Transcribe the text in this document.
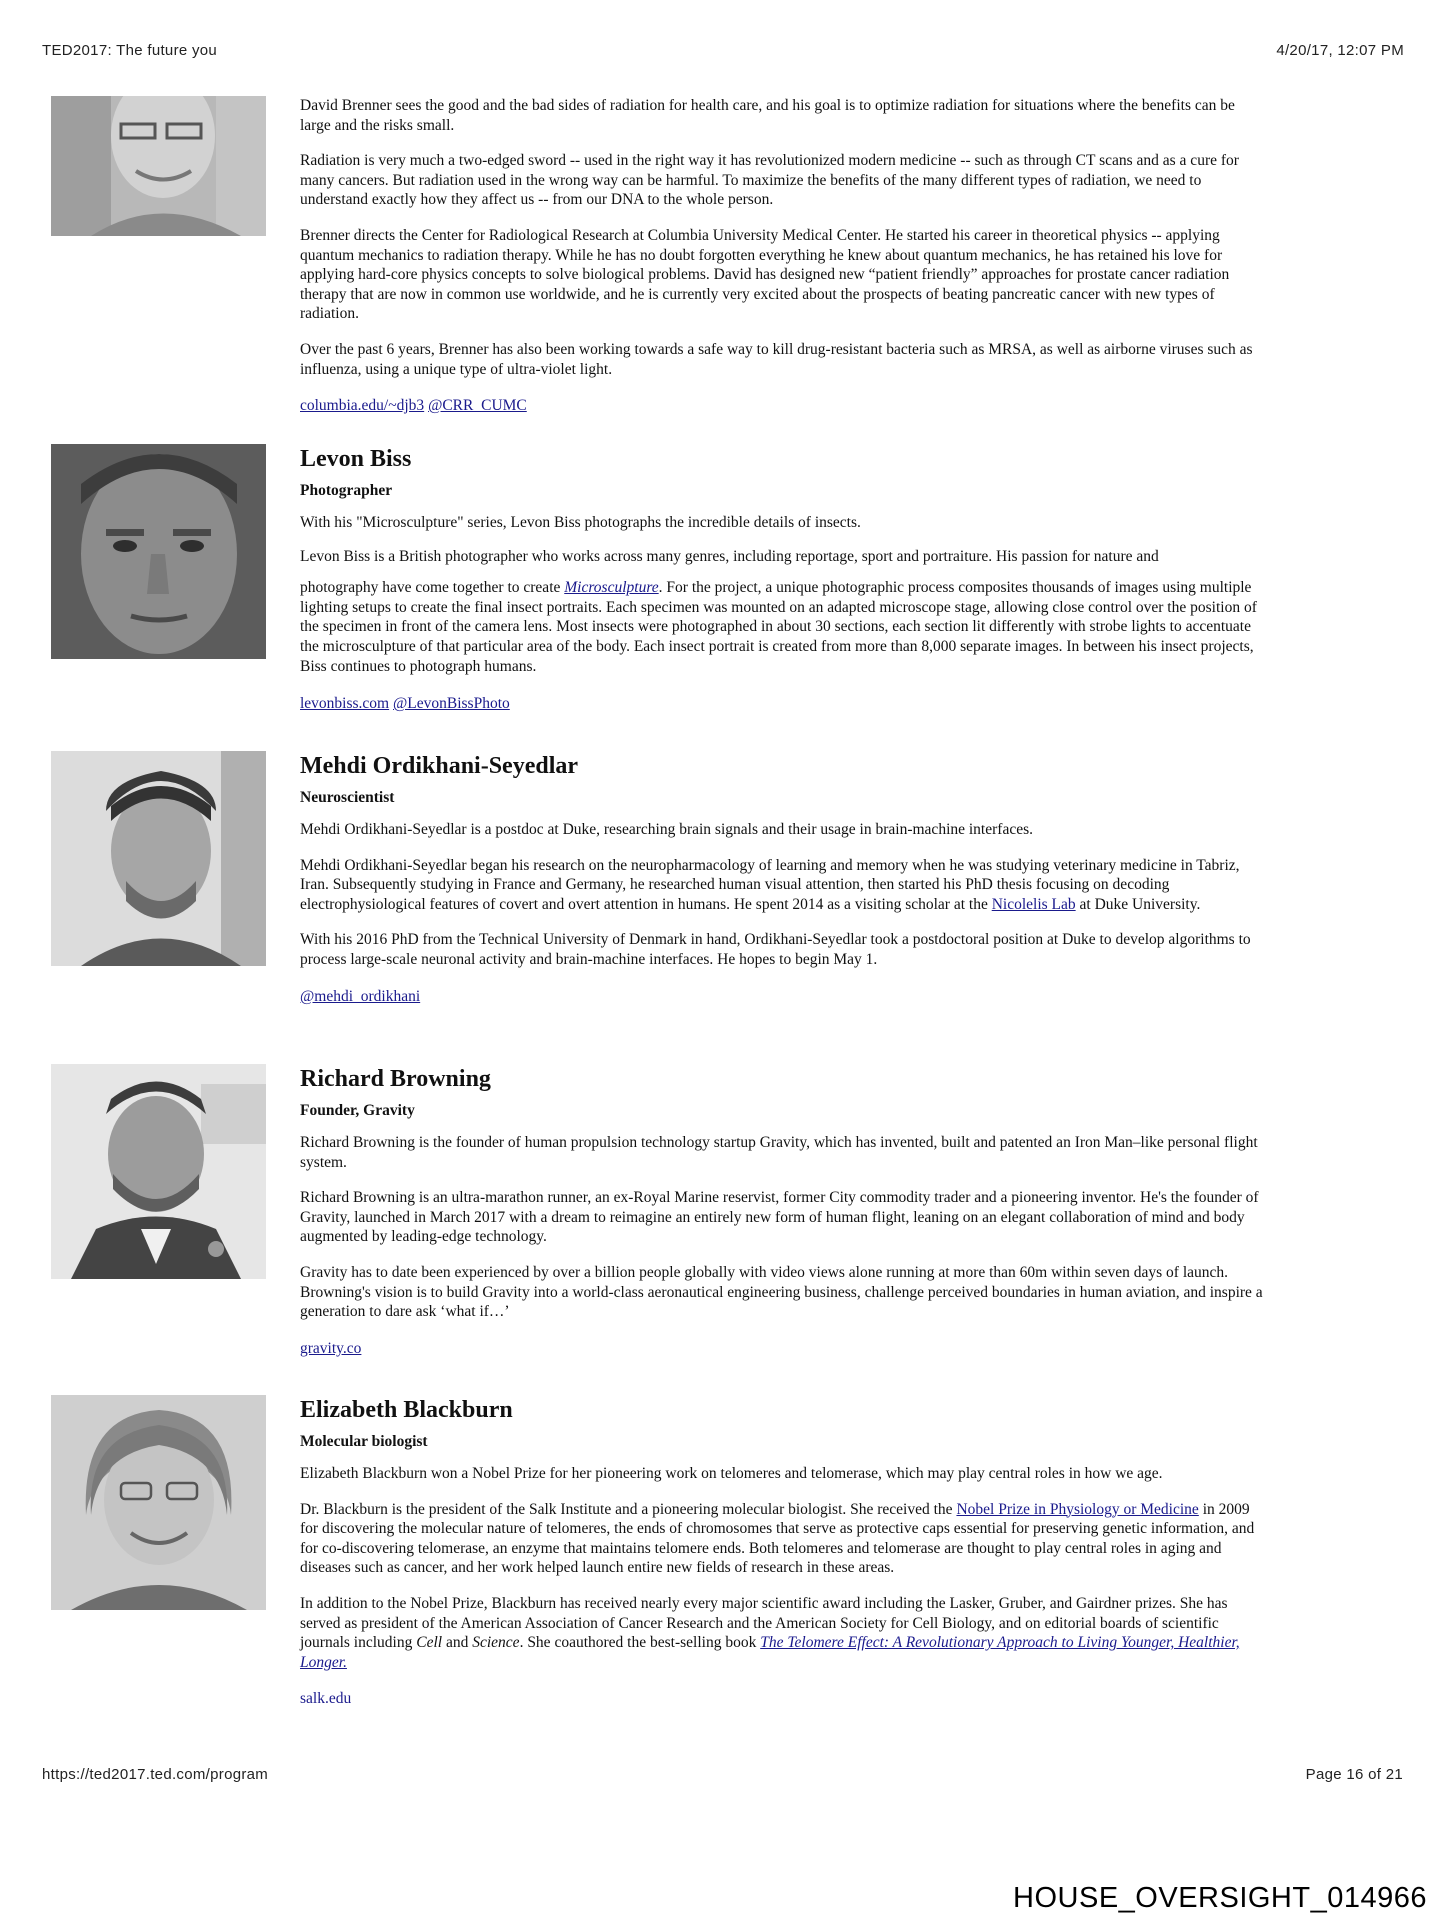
TED2017: The future you	4/20/17, 12:07 PM

David Brenner sees the good and the bad sides of radiation for health care, and his goal is to optimize radiation for situations where the benefits can be large and the risks small.

Radiation is very much a two-edged sword -- used in the right way it has revolutionized modern medicine -- such as through CT scans and as a cure for many cancers. But radiation used in the wrong way can be harmful. To maximize the benefits of the many different types of radiation, we need to understand exactly how they affect us -- from our DNA to the whole person.

Brenner directs the Center for Radiological Research at Columbia University Medical Center. He started his career in theoretical physics -- applying quantum mechanics to radiation therapy. While he has no doubt forgotten everything he knew about quantum mechanics, he has retained his love for applying hard-core physics concepts to solve biological problems. David has designed new “patient friendly” approaches for prostate cancer radiation therapy that are now in common use worldwide, and he is currently very excited about the prospects of beating pancreatic cancer with new types of radiation.

Over the past 6 years, Brenner has also been working towards a safe way to kill drug-resistant bacteria such as MRSA, as well as airborne viruses such as influenza, using a unique type of ultra-violet light.

columbia.edu/~djb3 @CRR_CUMC

Levon Biss

Photographer

With his "Microsculpture" series, Levon Biss photographs the incredible details of insects.

Levon Biss is a British photographer who works across many genres, including reportage, sport and portraiture. His passion for nature and

photography have come together to create Microsculpture. For the project, a unique photographic process composites thousands of images using multiple lighting setups to create the final insect portraits. Each specimen was mounted on an adapted microscope stage, allowing close control over the position of the specimen in front of the camera lens. Most insects were photographed in about 30 sections, each section lit differently with strobe lights to accentuate the microsculpture of that particular area of the body. Each insect portrait is created from more than 8,000 separate images. In between his insect projects, Biss continues to photograph humans.

levonbiss.com @LevonBissPhoto

Mehdi Ordikhani-Seyedlar

Neuroscientist

Mehdi Ordikhani-Seyedlar is a postdoc at Duke, researching brain signals and their usage in brain-machine interfaces.

Mehdi Ordikhani-Seyedlar began his research on the neuropharmacology of learning and memory when he was studying veterinary medicine in Tabriz, Iran. Subsequently studying in France and Germany, he researched human visual attention, then started his PhD thesis focusing on decoding electrophysiological features of covert and overt attention in humans. He spent 2014 as a visiting scholar at the Nicolelis Lab at Duke University.

With his 2016 PhD from the Technical University of Denmark in hand, Ordikhani-Seyedlar took a postdoctoral position at Duke to develop algorithms to process large-scale neuronal activity and brain-machine interfaces. He hopes to begin May 1.

@mehdi_ordikhani

Richard Browning

Founder, Gravity

Richard Browning is the founder of human propulsion technology startup Gravity, which has invented, built and patented an Iron Man–like personal flight system.

Richard Browning is an ultra-marathon runner, an ex-Royal Marine reservist, former City commodity trader and a pioneering inventor. He's the founder of Gravity, launched in March 2017 with a dream to reimagine an entirely new form of human flight, leaning on an elegant collaboration of mind and body augmented by leading-edge technology.

Gravity has to date been experienced by over a billion people globally with video views alone running at more than 60m within seven days of launch. Browning's vision is to build Gravity into a world-class aeronautical engineering business, challenge perceived boundaries in human aviation, and inspire a generation to dare ask ‘what if…’

gravity.co

Elizabeth Blackburn

Molecular biologist

Elizabeth Blackburn won a Nobel Prize for her pioneering work on telomeres and telomerase, which may play central roles in how we age.

Dr. Blackburn is the president of the Salk Institute and a pioneering molecular biologist. She received the Nobel Prize in Physiology or Medicine in 2009 for discovering the molecular nature of telomeres, the ends of chromosomes that serve as protective caps essential for preserving genetic information, and for co-discovering telomerase, an enzyme that maintains telomere ends. Both telomeres and telomerase are thought to play central roles in aging and diseases such as cancer, and her work helped launch entire new fields of research in these areas.

In addition to the Nobel Prize, Blackburn has received nearly every major scientific award including the Lasker, Gruber, and Gairdner prizes. She has served as president of the American Association of Cancer Research and the American Society for Cell Biology, and on editorial boards of scientific journals including Cell and Science. She coauthored the best-selling book The Telomere Effect: A Revolutionary Approach to Living Younger, Healthier, Longer.

salk.edu

https://ted2017.ted.com/program	Page 16 of 21
HOUSE_OVERSIGHT_014966
